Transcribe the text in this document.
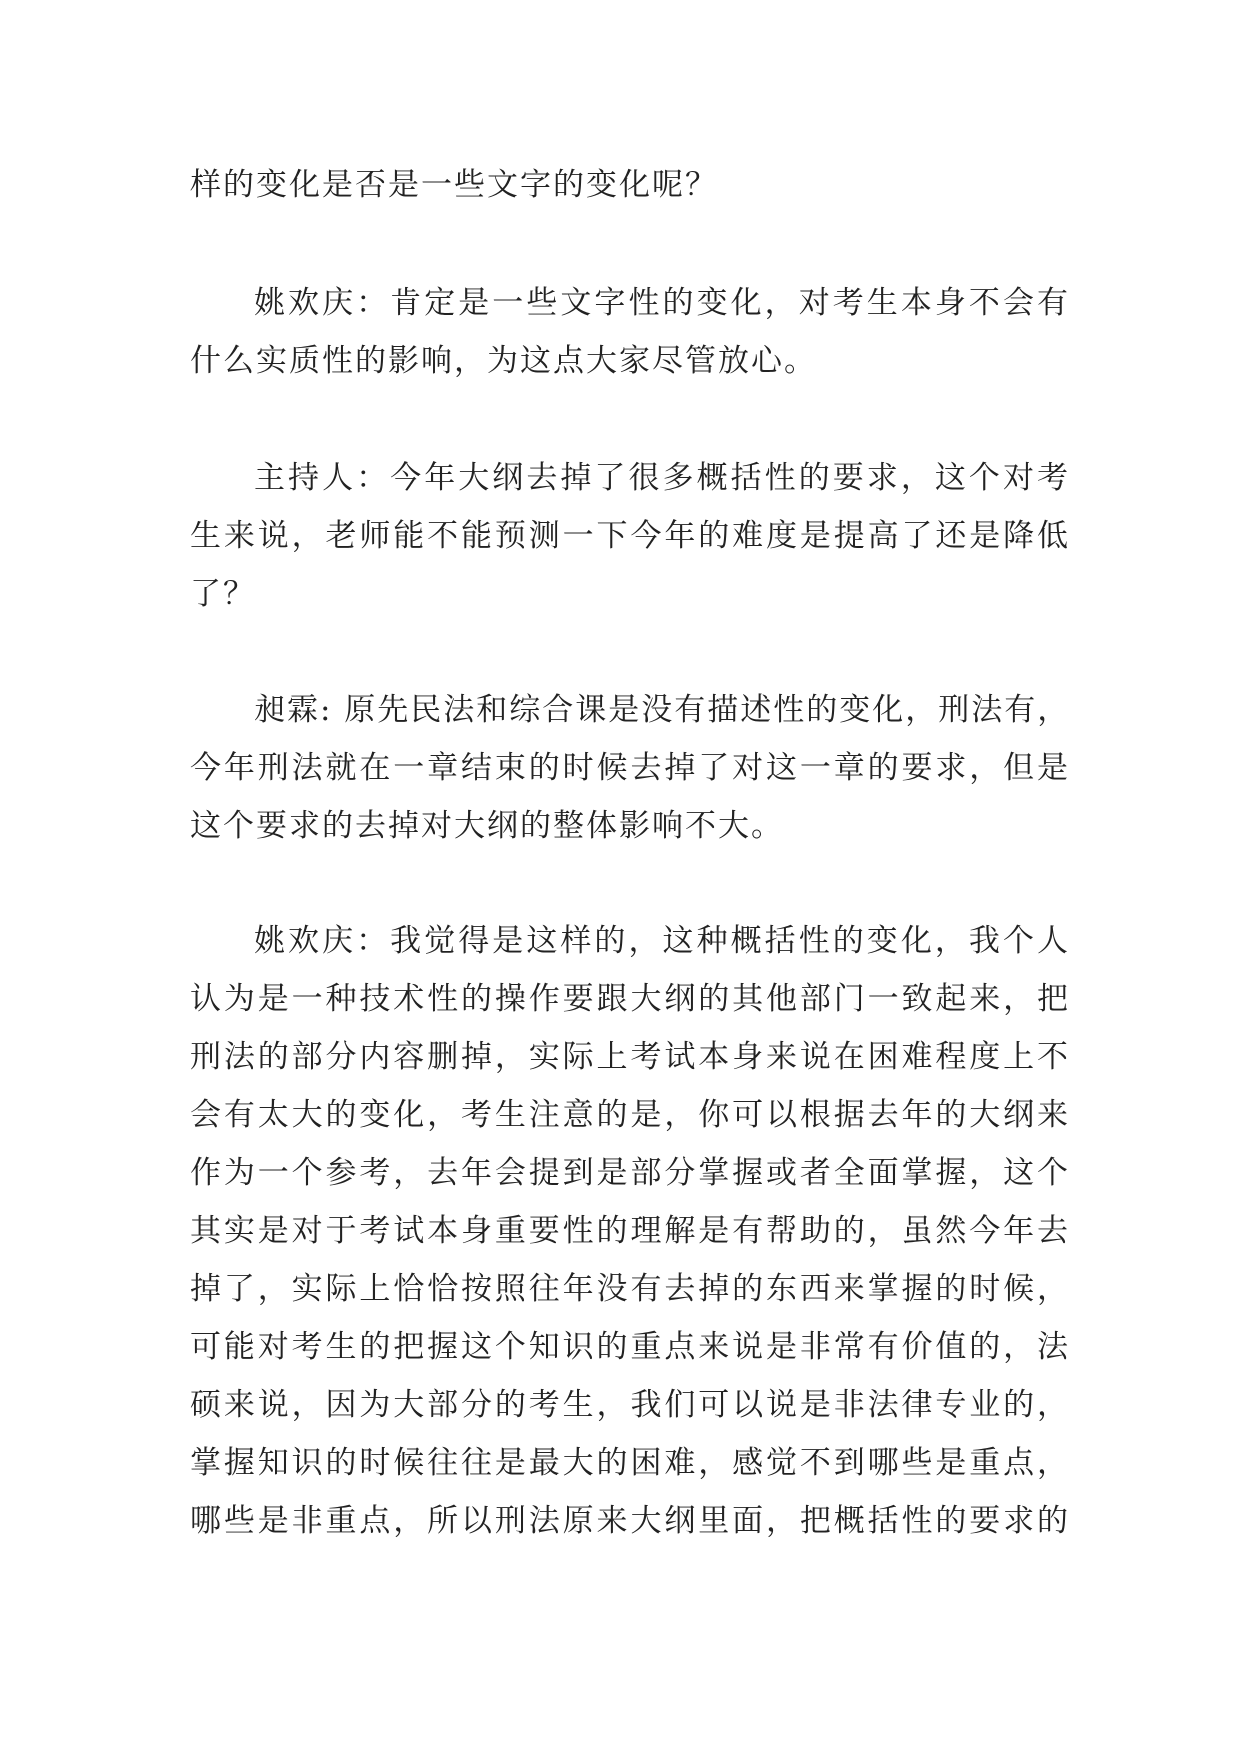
样的变化是否是一些文字的变化呢？
姚欢庆：肯定是一些文字性的变化，对考生本身不会有
什么实质性的影响，为这点大家尽管放心。
主持人：今年大纲去掉了很多概括性的要求，这个对考
生来说，老师能不能预测一下今年的难度是提高了还是降低
了？
昶霖: 原先民法和综合课是没有描述性的变化，刑法有，
今年刑法就在一章结束的时候去掉了对这一章的要求，但是
这个要求的去掉对大纲的整体影响不大。
姚欢庆：我觉得是这样的，这种概括性的变化，我个人
认为是一种技术性的操作要跟大纲的其他部门一致起来，把
刑法的部分内容删掉，实际上考试本身来说在困难程度上不
会有太大的变化，考生注意的是，你可以根据去年的大纲来
作为一个参考，去年会提到是部分掌握或者全面掌握，这个
其实是对于考试本身重要性的理解是有帮助的，虽然今年去
掉了，实际上恰恰按照往年没有去掉的东西来掌握的时候，
可能对考生的把握这个知识的重点来说是非常有价值的，法
硕来说，因为大部分的考生，我们可以说是非法律专业的，
掌握知识的时候往往是最大的困难，感觉不到哪些是重点，
哪些是非重点，所以刑法原来大纲里面，把概括性的要求的
